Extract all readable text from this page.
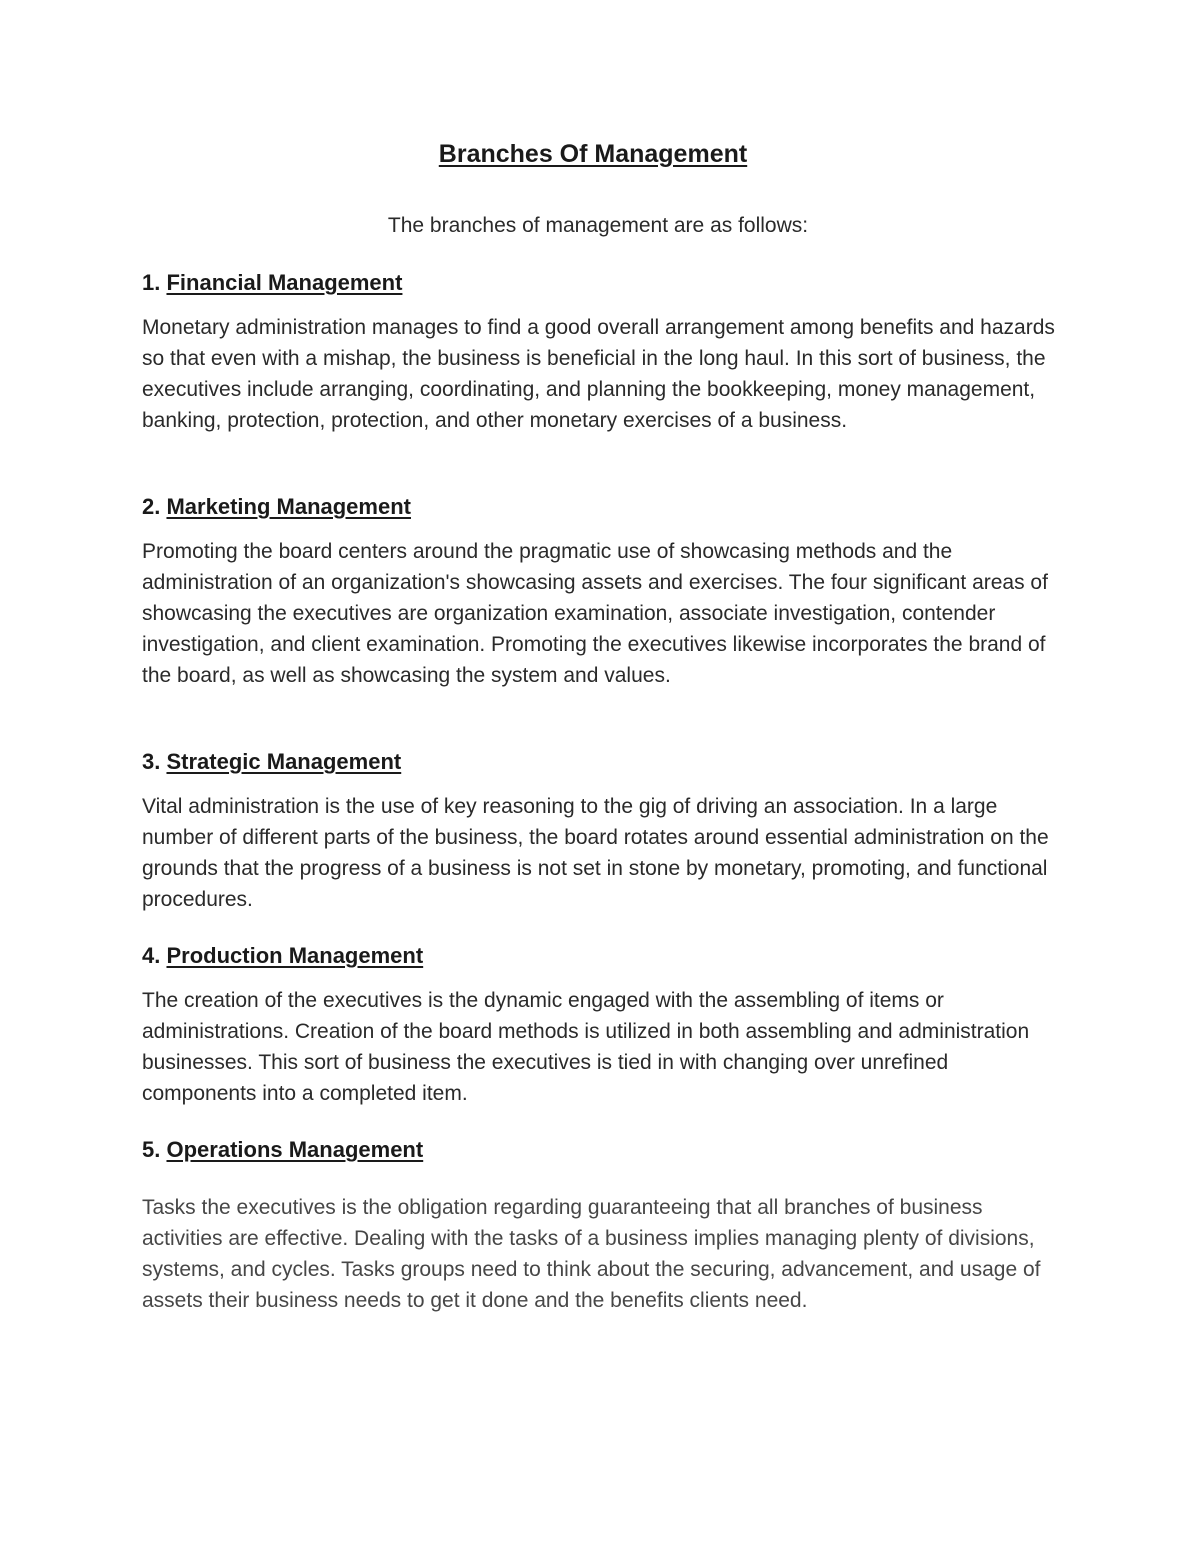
Branches Of Management

The branches of management are as follows:

1. Financial Management

Monetary administration manages to find a good overall arrangement among benefits and hazards so that even with a mishap, the business is beneficial in the long haul. In this sort of business, the executives include arranging, coordinating, and planning the bookkeeping, money management, banking, protection, protection, and other monetary exercises of a business.

2. Marketing Management

Promoting the board centers around the pragmatic use of showcasing methods and the administration of an organization's showcasing assets and exercises. The four significant areas of showcasing the executives are organization examination, associate investigation, contender investigation, and client examination. Promoting the executives likewise incorporates the brand of the board, as well as showcasing the system and values.

3. Strategic Management

Vital administration is the use of key reasoning to the gig of driving an association. In a large number of different parts of the business, the board rotates around essential administration on the grounds that the progress of a business is not set in stone by monetary, promoting, and functional procedures.

4. Production Management

The creation of the executives is the dynamic engaged with the assembling of items or administrations. Creation of the board methods is utilized in both assembling and administration businesses. This sort of business the executives is tied in with changing over unrefined components into a completed item.

5. Operations Management

Tasks the executives is the obligation regarding guaranteeing that all branches of business activities are effective. Dealing with the tasks of a business implies managing plenty of divisions, systems, and cycles. Tasks groups need to think about the securing, advancement, and usage of assets their business needs to get it done and the benefits clients need.
